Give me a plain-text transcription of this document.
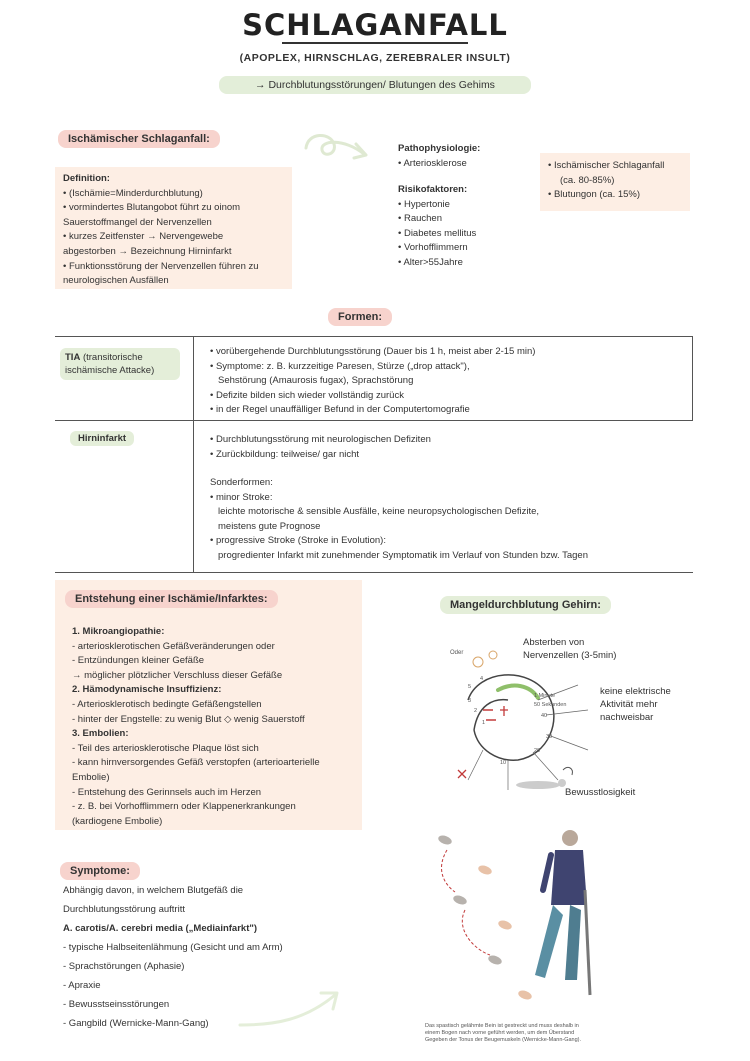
SCHLAGANFALL
(APOPLEX, HIRNSCHLAG, ZEREBRALER INSULT)
→ Durchblutungsstörungen/ Blutungen des Gehims
Ischämischer Schlaganfall:
Definition:
• (Ischämie=Minderdurchblutung)
• vormindertes Blutangobot führt zu oinom
Sauerstoffmangel der Nervenzellen
• kurzes Zeitfenster → Nervengewebe
abgestorben → Bezeichnung Hirninfarkt
• Funktionsstörung der Nervenzellen führen zu
neurologischen Ausfällen
Pathophysiologie:
• Arteriosklerose
Risikofaktoren:
• Hypertonie
• Rauchen
• Diabetes mellitus
• Vorhofflimmern
• Alter>55Jahre
• Ischämischer Schlaganfall
(ca. 80-85%)
• Blutungon (ca. 15%)
Formen:
TIA (transitorische
ischämische Attacke)
• vorübergehende Durchblutungsstörung (Dauer bis 1 h, meist aber 2-15 min)
• Symptome: z. B. kurzzeitige Paresen, Stürze („drop attack"),
Sehstörung (Amaurosis fugax), Sprachstörung
• Defizite bilden sich wieder vollständig zurück
• in der Regel unauffälliger Befund in der Computertomografie
Hirninfarkt	• Durchblutungsstörung mit neurologischen Defiziten
• Zurückbildung: teilweise/ gar nicht
Sonderformen:
• minor Stroke:
leichte motorische & sensible Ausfälle, keine neuropsychologischen Defizite,
meistens gute Prognose
• progressive Stroke (Stroke in Evolution):
progredienter Infarkt mit zunehmender Symptomatik im Verlauf von Stunden bzw. Tagen
Entstehung einer Ischämie/Infarktes:
1. Mikroangiopathie:
- arteriosklerotischen Gefäßveränderungen oder
- Entzündungen kleiner Gefäße
→ möglicher plötzlicher Verschluss dieser Gefäße
2. Hämodynamische Insuffizienz:
- Arteriosklerotisch bedingte Gefäßengstellen
- hinter der Engstelle: zu wenig Blut ◇ wenig Sauerstoff
3. Embolien:
- Teil des arteriosklerotische Plaque löst sich
- kann hirnversorgendes Gefäß verstopfen (arterioarterielle
Embolie)
- Entstehung des Gerinnsels auch im Herzen
- z. B. bei Vorhofflimmern oder Klappenerkrankungen
(kardiogene Embolie)
Mangeldurchblutung Gehirn:
Absterben von
Nervenzellen (3-5min)
keine elektrische
Aktivität mehr
nachweisbar
Bewusstlosigkeit
Oder
1 Minute
50 Sekunden
40
30
20
10
5
4
3
2
1
Symptome:
Abhängig davon, in welchem Blutgefäß die
Durchblutungsstörung auftritt
A. carotis/A. cerebri media („Mediainfarkt")
- typische Halbseitenlähmung (Gesicht und am Arm)
- Sprachstörungen (Aphasie)
- Apraxie
- Bewusstseinsstörungen
- Gangbild (Wernicke-Mann-Gang)	Das spastisch gelähmte Bein ist gestreckt und muss deshalb in
einem Bogen nach vorne geführt werden, um dem Überstand
Gegeben der Tonus der Beugemuskeln (Wernicke-Mann-Gang).
